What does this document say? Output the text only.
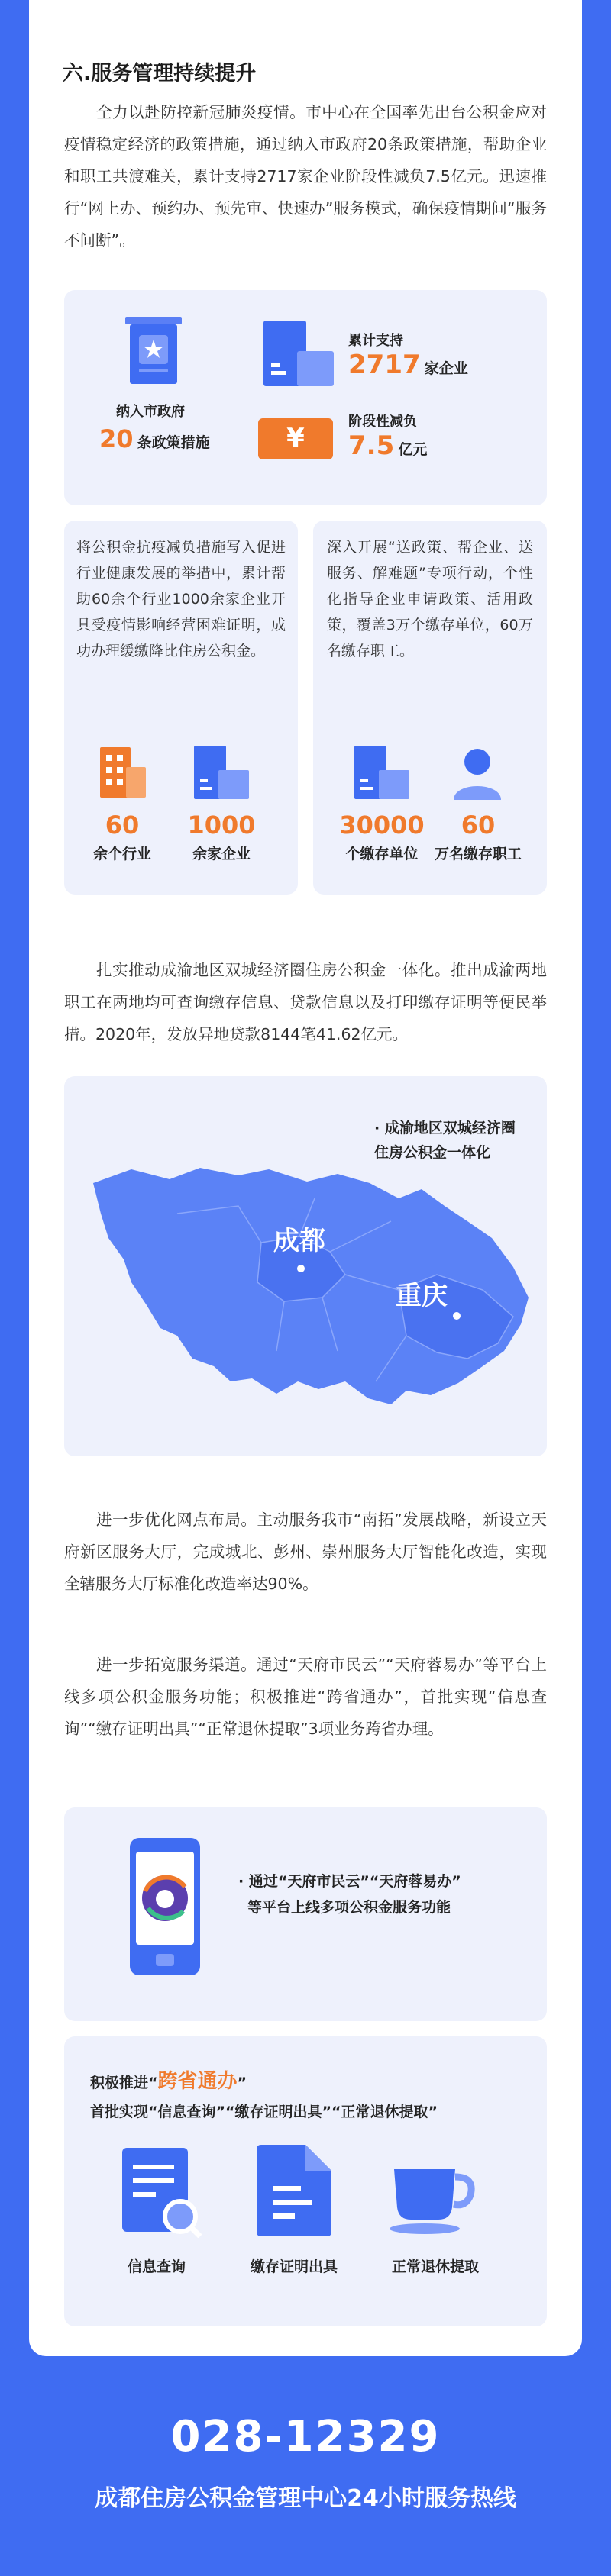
六.服务管理持续提升
全力以赴防控新冠肺炎疫情。市中心在全国率先出台公积金应对疫情稳定经济的政策措施，通过纳入市政府20条政策措施，帮助企业和职工共渡难关，累计支持2717家企业阶段性减负7.5亿元。迅速推行“网上办、预约办、预先审、快速办”服务模式，确保疫情期间“服务不间断”。
纳入市政府
20 条政策措施
累计支持
2717 家企业
¥
阶段性减负
7.5 亿元
将公积金抗疫减负措施写入促进行业健康发展的举措中，累计帮助60余个行业1000余家企业开具受疫情影响经营困难证明，成功办理缓缴降比住房公积金。
60
余个行业
1000
余家企业
深入开展“送政策、帮企业、送服务、解难题”专项行动，个性化指导企业申请政策、活用政策，覆盖3万个缴存单位，60万名缴存职工。
30000
个缴存单位
60
万名缴存职工
扎实推动成渝地区双城经济圈住房公积金一体化。推出成渝两地职工在两地均可查询缴存信息、贷款信息以及打印缴存证明等便民举措。2020年，发放异地贷款8144笔41.62亿元。
· 成渝地区双城经济圈
住房公积金一体化
成都
重庆
进一步优化网点布局。主动服务我市“南拓”发展战略，新设立天府新区服务大厅，完成城北、彭州、崇州服务大厅智能化改造，实现全辖服务大厅标准化改造率达90%。
进一步拓宽服务渠道。通过“天府市民云”“天府蓉易办”等平台上线多项公积金服务功能；积极推进“跨省通办”，首批实现“信息查询”“缴存证明出具”“正常退休提取”3项业务跨省办理。
· 通过“天府市民云”“天府蓉易办”
等平台上线多项公积金服务功能
积极推进“跨省通办”
首批实现“信息查询”“缴存证明出具”“正常退休提取”
信息查询	缴存证明出具	正常退休提取
028-12329
成都住房公积金管理中心24小时服务热线
